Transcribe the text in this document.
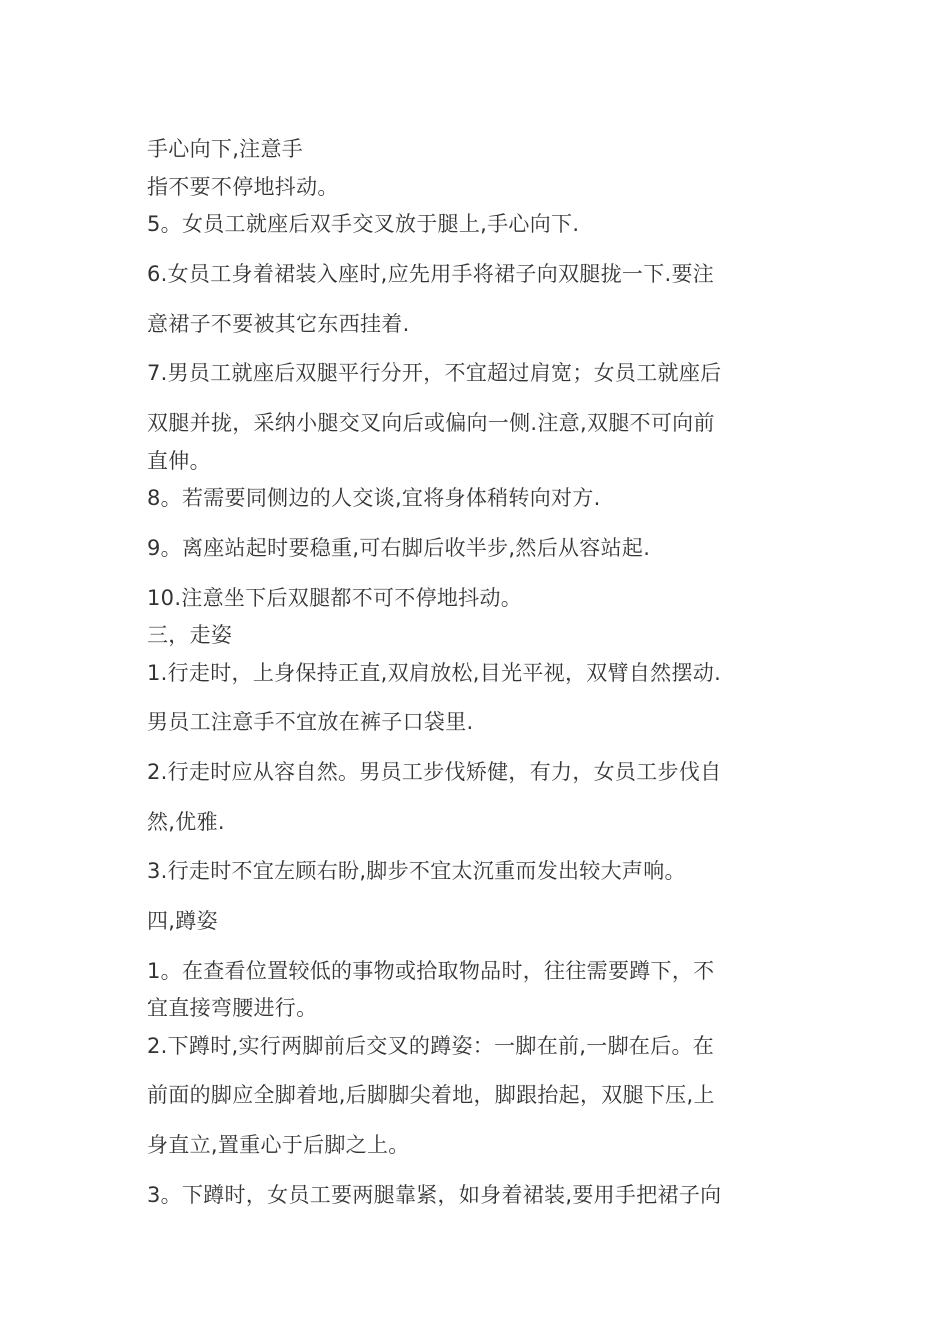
手心向下,注意手
指不要不停地抖动。
5。女员工就座后双手交叉放于腿上,手心向下.
6.女员工身着裙装入座时,应先用手将裙子向双腿拢一下.要注
意裙子不要被其它东西挂着.
7.男员工就座后双腿平行分开，不宜超过肩宽；女员工就座后
双腿并拢，采纳小腿交叉向后或偏向一侧.注意,双腿不可向前
直伸。
8。若需要同侧边的人交谈,宜将身体稍转向对方.
9。离座站起时要稳重,可右脚后收半步,然后从容站起.
10.注意坐下后双腿都不可不停地抖动。
三，走姿
1.行走时，上身保持正直,双肩放松,目光平视，双臂自然摆动.
男员工注意手不宜放在裤子口袋里.
2.行走时应从容自然。男员工步伐矫健，有力，女员工步伐自
然,优雅.
3.行走时不宜左顾右盼,脚步不宜太沉重而发出较大声响。
四,蹲姿
1。在查看位置较低的事物或拾取物品时，往往需要蹲下，不
宜直接弯腰进行。
2.下蹲时,实行两脚前后交叉的蹲姿：一脚在前,一脚在后。在
前面的脚应全脚着地,后脚脚尖着地，脚跟抬起，双腿下压,上
身直立,置重心于后脚之上。
3。下蹲时，女员工要两腿靠紧，如身着裙装,要用手把裙子向
